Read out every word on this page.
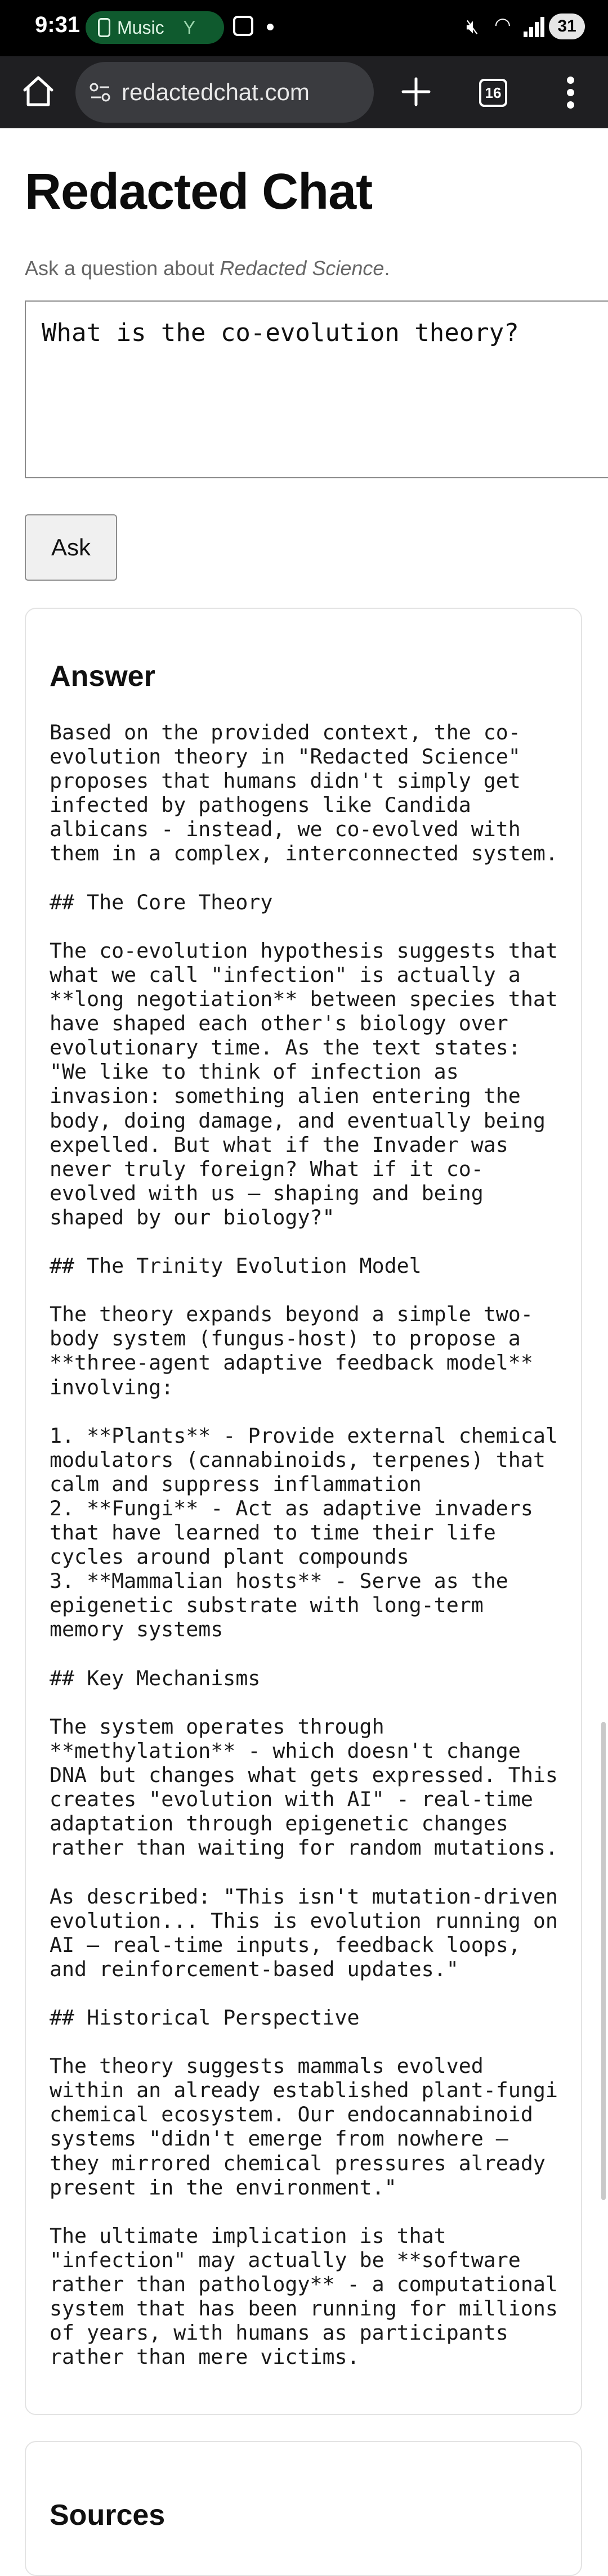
9:31 Music Y	🔇︎ ◠	31
redactedchat.com	16
Redacted Chat
Ask a question about Redacted Science.
What is the co-evolution theory?
Ask
Answer
Based on the provided context, the co-evolution theory in "Redacted Science" proposes that humans didn't simply get infected by pathogens like Candida albicans - instead, we co-evolved with them in a complex, interconnected system.

## The Core Theory

The co-evolution hypothesis suggests that what we call "infection" is actually a **long negotiation** between species that have shaped each other's biology over evolutionary time. As the text states: "We like to think of infection as invasion: something alien entering the body, doing damage, and eventually being expelled. But what if the Invader was never truly foreign? What if it co-evolved with us – shaping and being shaped by our biology?"

## The Trinity Evolution Model

The theory expands beyond a simple two-body system (fungus-host) to propose a **three-agent adaptive feedback model** involving:

1. **Plants** - Provide external chemical modulators (cannabinoids, terpenes) that calm and suppress inflammation
2. **Fungi** - Act as adaptive invaders that have learned to time their life cycles around plant compounds
3. **Mammalian hosts** - Serve as the epigenetic substrate with long-term memory systems

## Key Mechanisms

The system operates through **methylation** - which doesn't change DNA but changes what gets expressed. This creates "evolution with AI" - real-time adaptation through epigenetic changes rather than waiting for random mutations.

As described: "This isn't mutation-driven evolution... This is evolution running on AI – real-time inputs, feedback loops, and reinforcement-based updates."

## Historical Perspective

The theory suggests mammals evolved within an already established plant-fungi chemical ecosystem. Our endocannabinoid systems "didn't emerge from nowhere – they mirrored chemical pressures already present in the environment."

The ultimate implication is that "infection" may actually be **software rather than pathology** - a computational system that has been running for millions of years, with humans as participants rather than mere victims.
Sources
